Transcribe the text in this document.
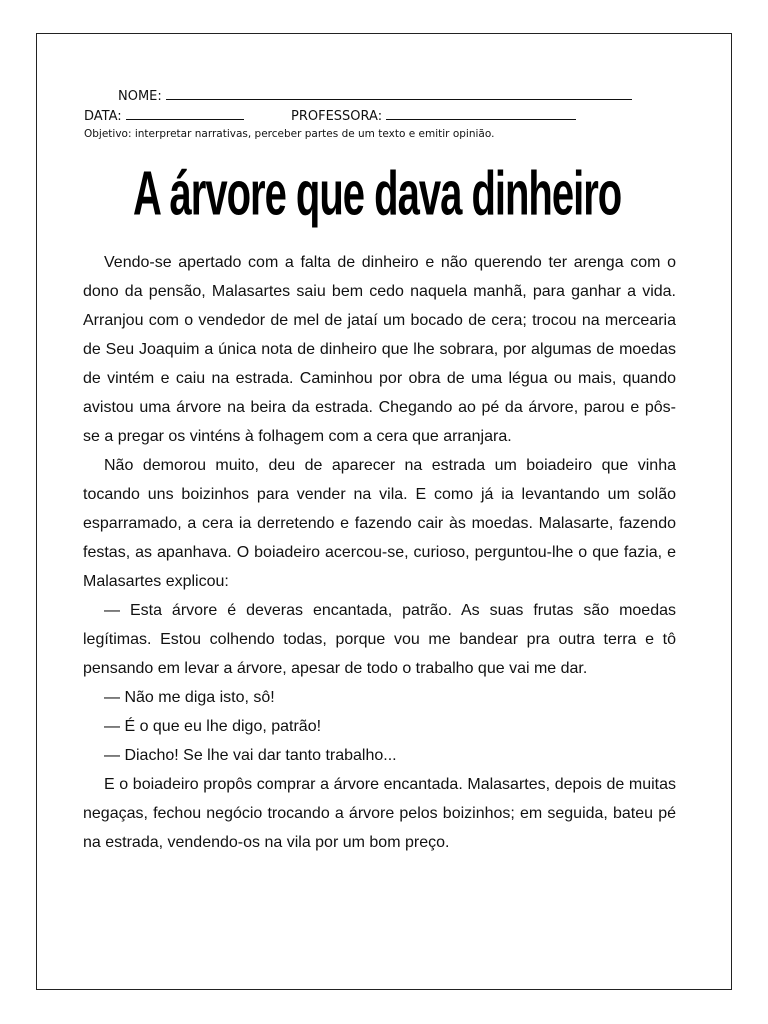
NOME:
DATA:	PROFESSORA:
Objetivo: interpretar narrativas, perceber partes de um texto e emitir opinião.
A árvore que dava dinheiro

Vendo-se apertado com a falta de dinheiro e não querendo ter arenga com o dono da pensão, Malasartes saiu bem cedo naquela manhã, para ganhar a vida. Arranjou com o vendedor de mel de jataí um bocado de cera; trocou na mercearia de Seu Joaquim a única nota de dinheiro que lhe sobrara, por algumas de moedas de vintém e caiu na estrada. Caminhou por obra de uma légua ou mais, quando avistou uma árvore na beira da estrada. Chegando ao pé da árvore, parou e pôs-se a pregar os vinténs à folhagem com a cera que arranjara.

Não demorou muito, deu de aparecer na estrada um boiadeiro que vinha tocando uns boizinhos para vender na vila. E como já ia levantando um solão esparramado, a cera ia derretendo e fazendo cair às moedas. Malasarte, fazendo festas, as apanhava. O boiadeiro acercou-se, curioso, perguntou-lhe o que fazia, e Malasartes explicou:

— Esta árvore é deveras encantada, patrão. As suas frutas são moedas legítimas. Estou colhendo todas, porque vou me bandear pra outra terra e tô pensando em levar a árvore, apesar de todo o trabalho que vai me dar.

— Não me diga isto, sô!

— É o que eu lhe digo, patrão!

— Diacho! Se lhe vai dar tanto trabalho...

E o boiadeiro propôs comprar a árvore encantada. Malasartes, depois de muitas negaças, fechou negócio trocando a árvore pelos boizinhos; em seguida, bateu pé na estrada, vendendo-os na vila por um bom preço.
